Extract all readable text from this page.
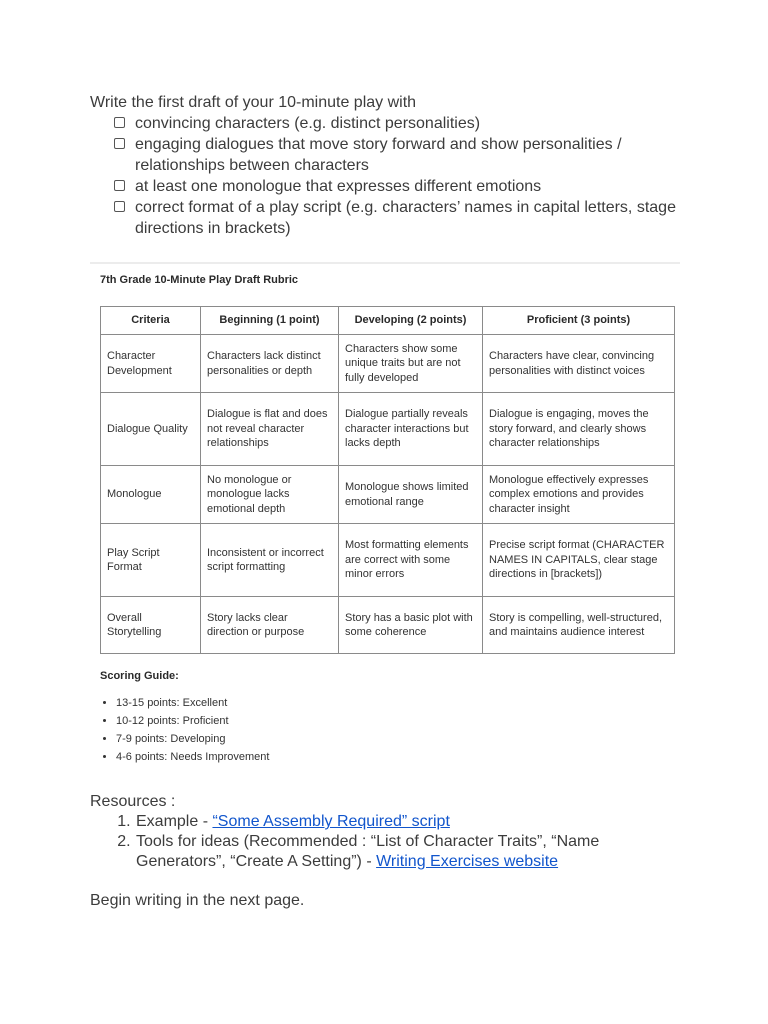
Write the first draft of your 10-minute play with

convincing characters (e.g. distinct personalities)
engaging dialogues that move story forward and show personalities / relationships between characters
at least one monologue that expresses different emotions
correct format of a play script (e.g. characters’ names in capital letters, stage directions in brackets)
7th Grade 10-Minute Play Draft Rubric
Criteria	Beginning (1 point)	Developing (2 points)	Proficient (3 points)
Character Development	Characters lack distinct personalities or depth	Characters show some unique traits but are not fully developed	Characters have clear, convincing personalities with distinct voices
Dialogue Quality	Dialogue is flat and does not reveal character relationships	Dialogue partially reveals character interactions but lacks depth	Dialogue is engaging, moves the story forward, and clearly shows character relationships
Monologue	No monologue or monologue lacks emotional depth	Monologue shows limited emotional range	Monologue effectively expresses complex emotions and provides character insight
Play Script Format	Inconsistent or incorrect script formatting	Most formatting elements are correct with some minor errors	Precise script format (CHARACTER NAMES IN CAPITALS, clear stage directions in [brackets])
Overall Storytelling	Story lacks clear direction or purpose	Story has a basic plot with some coherence	Story is compelling, well-structured, and maintains audience interest
Scoring Guide:
• 13-15 points: Excellent
• 10-12 points: Proficient
• 7-9 points: Developing
• 4-6 points: Needs Improvement

Resources :

1. Example - “Some Assembly Required” script
2. Tools for ideas (Recommended : “List of Character Traits”, “Name Generators”, “Create A Setting”) - Writing Exercises website

Begin writing in the next page.
